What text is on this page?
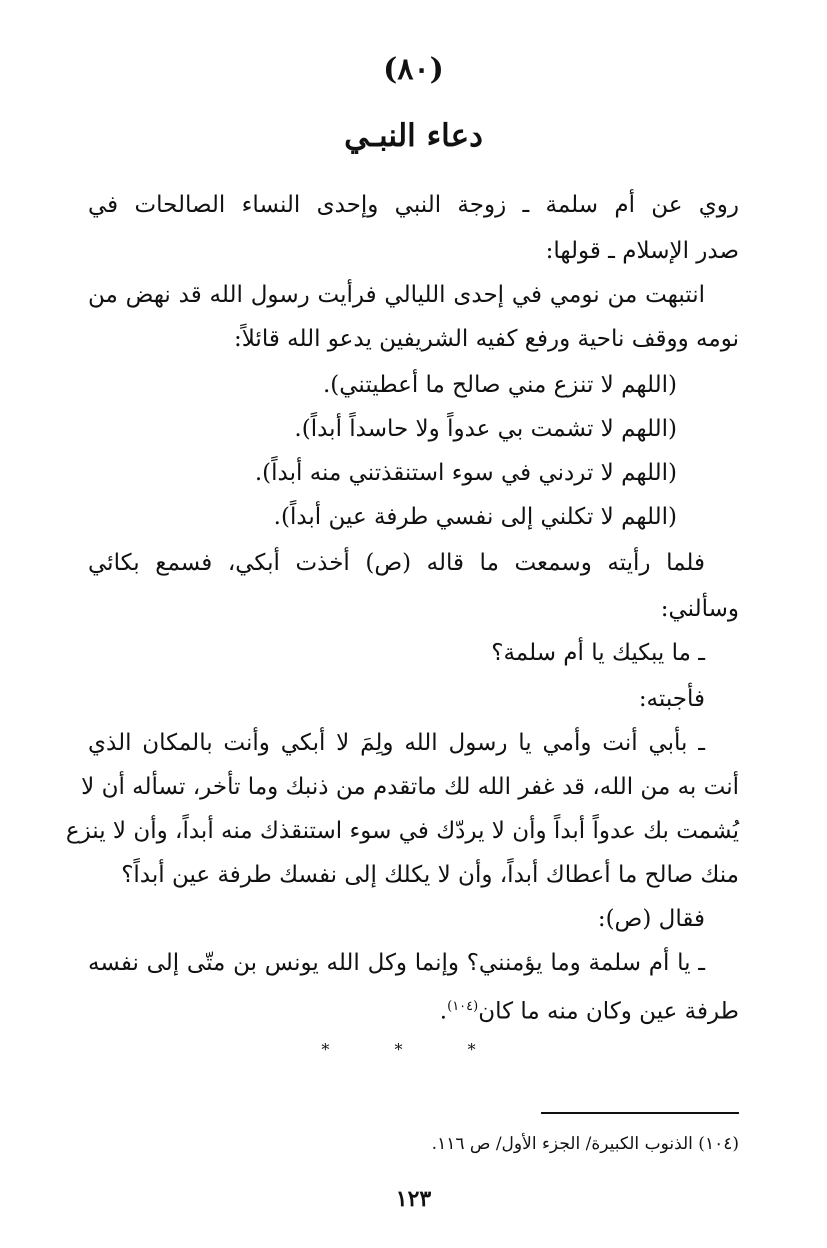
(٨٠)
دعاء النبـي
روي عن أم سلمة ـ زوجة النبي وإحدى النساء الصالحات في
صدر الإسلام ـ قولها:
انتبهت من نومي في إحدى الليالي فرأيت رسول الله قد نهض من
نومه ووقف ناحية ورفع كفيه الشريفين يدعو الله قائلاً:
(اللهم لا تنزع مني صالح ما أعطيتني).
(اللهم لا تشمت بي عدواً ولا حاسداً أبداً).
(اللهم لا تردني في سوء استنقذتني منه أبداً).
(اللهم لا تكلني إلى نفسي طرفة عين أبداً).
فلما رأيته وسمعت ما قاله (ص) أخذت أبكي، فسمع بكائي
وسألني:
ـ ما يبكيك يا أم سلمة؟
فأجبته:
ـ بأبي أنت وأمي يا رسول الله ولِمَ لا أبكي وأنت بالمكان الذي
أنت به من الله، قد غفر الله لك ماتقدم من ذنبك وما تأخر، تسأله أن لا
يُشمت بك عدواً أبداً وأن لا يردّك في سوء استنقذك منه أبداً، وأن لا ينزع
منك صالح ما أعطاك أبداً، وأن لا يكلك إلى نفسك طرفة عين أبداً؟
فقال (ص):
ـ يا أم سلمة وما يؤمنني؟ وإنما وكل الله يونس بن متّى إلى نفسه
طرفة عين وكان منه ما كان$^{(١٠٤)}$.
* * *
(١٠٤) الذنوب الكبيرة/ الجزء الأول/ ص ١١٦.
١٢٣
